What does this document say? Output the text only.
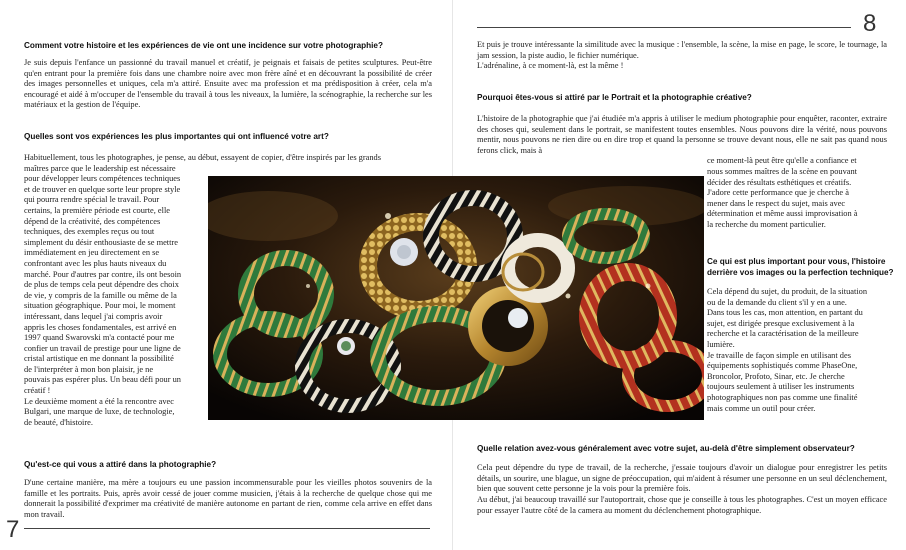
Comment votre histoire et les expériences de vie ont une incidence sur votre photographie?
Je suis depuis l'enfance un passionné du travail manuel et créatif, je peignais et faisais de petites sculptures. Peut-être qu'en entrant pour la première fois dans une chambre noire avec mon frère aîné et en découvrant la possibilité de créer des images personnelles et uniques, cela m'a attiré. Ensuite avec ma profession et ma prédisposition à créer, cela m'a encouragé et aidé à m'occuper de l'ensemble du travail à tous les niveaux, la lumière, la scénographie, la recherche sur les matériaux et la gestion de l'équipe.
Quelles sont vos expériences les plus importantes qui ont influencé votre art?
Habituellement, tous les photographes, je pense, au début, essayent de copier, d'être inspirés par les grands
maîtres parce que le leadership est nécessaire
pour développer leurs compétences techniques
et de trouver en quelque sorte leur propre style
qui pourra rendre spécial le travail. Pour
certains, la première période est courte, elle
dépend de la créativité, des compétences
techniques, des exemples reçus ou tout
simplement du désir enthousiaste de se mettre
immédiatement en jeu directement en se
confrontant avec les plus hauts niveaux du
marché. Pour d'autres par contre, ils ont besoin
de plus de temps cela peut dépendre des choix
de vie, y compris de la famille ou même de la
situation géographique. Pour moi, le moment
intéressant, dans lequel j'ai compris avoir
appris les choses fondamentales, est arrivé en
1997 quand Swarovski m'a contacté pour me
confier un travail de prestige pour une ligne de
cristal artistique en me donnant la possibilité
de l'interpréter à mon bon plaisir, je ne
pouvais pas espérer plus. Un beau défi pour un
créatif !
Le deuxième moment a été la rencontre avec
Bulgari, une marque de luxe, de technologie,
de beauté, d'histoire.
Qu'est-ce qui vous a attiré dans la photographie?
D'une certaine manière, ma mère a toujours eu une passion incommensurable pour les vieilles photos souvenirs de la famille et les portraits. Puis, après avoir cessé de jouer comme musicien, j'étais à la recherche de quelque chose qui me donnerait la possibilité d'exprimer ma créativité de manière autonome en partant de rien, comme cela arrive en effet dans mon travail.
7
8
Et puis je trouve intéressante la similitude avec la musique : l'ensemble, la scène, la mise en page, le score, le tournage, la jam session, la piste audio, le fichier numérique.
L'adrénaline, à ce moment-là, est la même !
Pourquoi êtes-vous si attiré par le Portrait et la photographie créative?
L'histoire de la photographie que j'ai étudiée m'a appris à utiliser le medium photographie pour enquêter, raconter, extraire des choses qui, seulement dans le portrait, se manifestent toutes ensembles. Nous pouvons dire la vérité, nous pouvons mentir, nous pouvons ne rien dire ou en dire trop et quand la personne se trouve devant nous, elle ne sait pas quand nous ferons click, mais à
ce moment-là peut être qu'elle a confiance et
nous sommes maîtres de la scène en pouvant
décider des résultats esthétiques et créatifs.
J'adore cette performance que je cherche à
mener dans le respect du sujet, mais avec
détermination et même aussi improvisation à
la recherche du moment particulier.
Ce qui est plus important pour vous, l'histoire
derrière vos images ou la perfection technique?
Cela dépend du sujet, du produit, de la situation
ou de la demande du client s'il y en a une.
Dans tous les cas, mon attention, en partant du
sujet, est dirigée presque exclusivement à la
recherche et la caractérisation de la meilleure
lumière.
Je travaille de façon simple en utilisant des
équipements sophistiqués comme PhaseOne,
Broncolor, Profoto, Sinar, etc. Je cherche
toujours seulement à utiliser les instruments
photographiques non pas comme une finalité
mais comme un outil pour créer.
Quelle relation avez-vous généralement avec votre sujet, au-delà d'être simplement observateur?
Cela peut dépendre du type de travail, de la recherche, j'essaie toujours d'avoir un dialogue pour enregistrer les petits détails, un sourire, une blague, un signe de préoccupation, qui m'aident à résumer une personne en un seul déclenchement, bien que souvent cette personne je la vois pour la première fois.
Au début, j'ai beaucoup travaillé sur l'autoportrait, chose que je conseille à tous les photographes. C'est un moyen efficace pour essayer l'autre côté de la camera au moment du déclenchement photographique.
